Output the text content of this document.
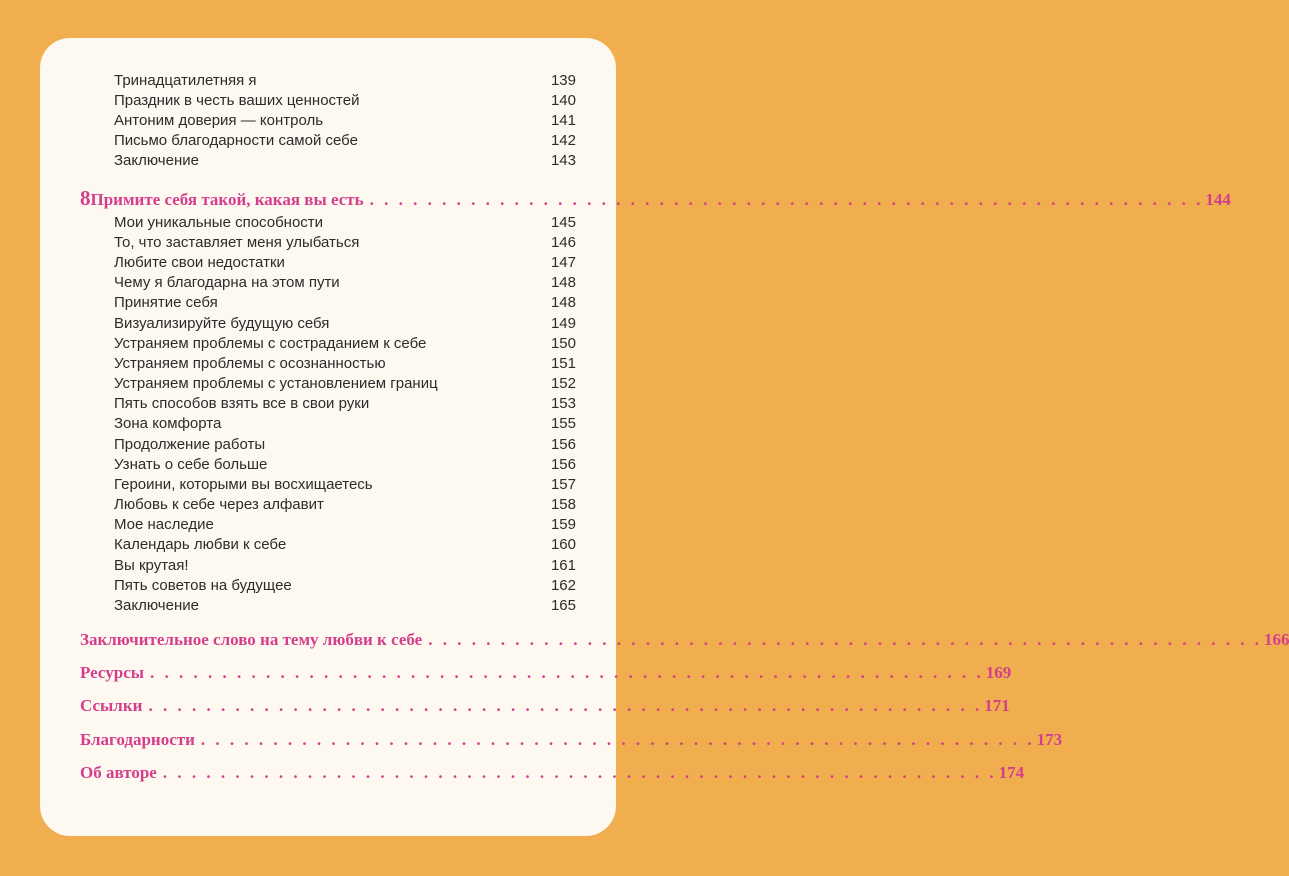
Тринадцатилетняя я	139
Праздник в честь ваших ценностей	140
Антоним доверия — контроль	141
Письмо благодарности самой себе	142
Заключение	143
8 Примите себя такой, какая вы есть . . . . . . . . . . . . . . . . . . . . . . . . . . . . . . . . . . . . . . . . . . . . . . . . . . . . . . . . . . 144
Мои уникальные способности	145
То, что заставляет меня улыбаться	146
Любите свои недостатки	147
Чему я благодарна на этом пути	148
Принятие себя	148
Визуализируйте будущую себя	149
Устраняем проблемы с состраданием к себе	150
Устраняем проблемы с осознанностью	151
Устраняем проблемы с установлением границ	152
Пять способов взять все в свои руки	153
Зона комфорта	155
Продолжение работы	156
Узнать о себе больше	156
Героини, которыми вы восхищаетесь	157
Любовь к себе через алфавит	158
Мое наследие	159
Календарь любви к себе	160
Вы крутая!	161
Пять советов на будущее	162
Заключение	165
Заключительное слово на тему любви к себе . . . . . . . . . . . . . . . . . . . . . . . . . . . . . . . . . . . . . . . . . . . . . . . . . . . . . . . . . . 166
Ресурсы . . . . . . . . . . . . . . . . . . . . . . . . . . . . . . . . . . . . . . . . . . . . . . . . . . . . . . . . . . 169
Ссылки . . . . . . . . . . . . . . . . . . . . . . . . . . . . . . . . . . . . . . . . . . . . . . . . . . . . . . . . . . 171
Благодарности . . . . . . . . . . . . . . . . . . . . . . . . . . . . . . . . . . . . . . . . . . . . . . . . . . . . . . . . . . 173
Об авторе . . . . . . . . . . . . . . . . . . . . . . . . . . . . . . . . . . . . . . . . . . . . . . . . . . . . . . . . . . 174
